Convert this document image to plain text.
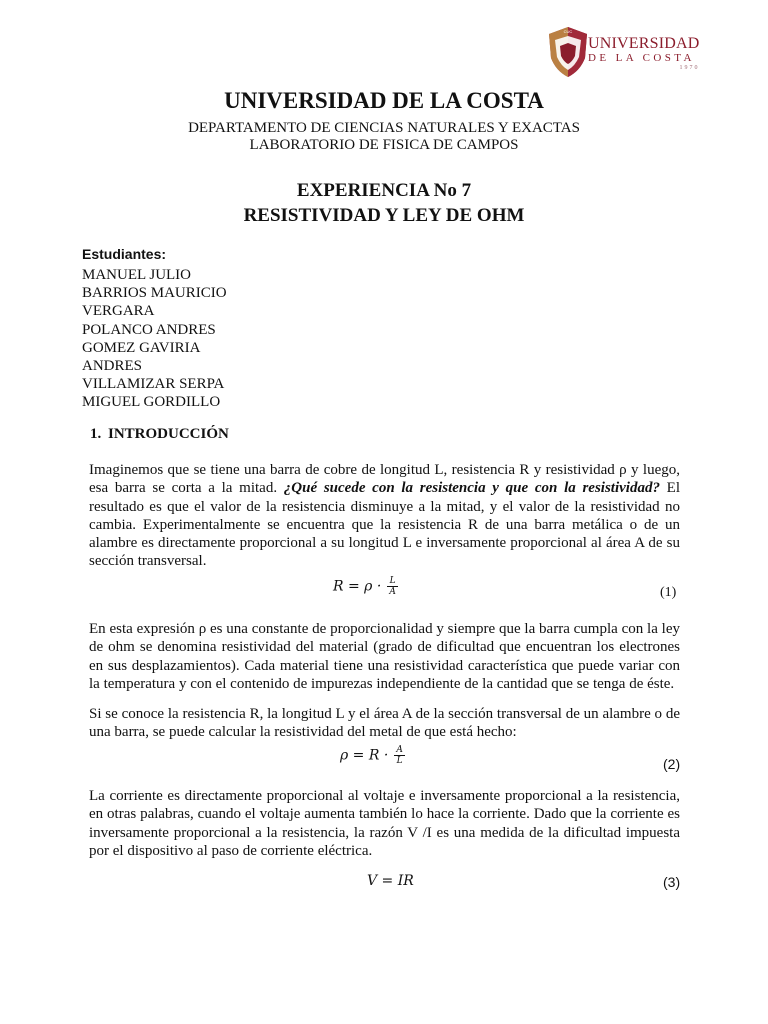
CUC
UNIVERSIDAD
DE LA COSTA
1970
UNIVERSIDAD DE LA COSTA
DEPARTAMENTO DE CIENCIAS NATURALES Y EXACTAS
LABORATORIO DE FISICA DE CAMPOS
EXPERIENCIA No 7
RESISTIVIDAD Y LEY DE OHM
Estudiantes:
MANUEL JULIO
BARRIOS MAURICIO
VERGARA
POLANCO ANDRES
GOMEZ GAVIRIA
ANDRES
VILLAMIZAR SERPA
MIGUEL GORDILLO
1. INTRODUCCIÓN

Imaginemos que se tiene una barra de cobre de longitud L, resistencia R y resistividad ρ y luego, esa barra se corta a la mitad. ¿Qué sucede con la resistencia y que con la resistividad? El resultado es que el valor de la resistencia disminuye a la mitad, y el valor de la resistividad no cambia. Experimentalmente se encuentra que la resistencia R de una barra metálica o de un alambre es directamente proporcional a su longitud L e inversamente proporcional al área A de su sección transversal.

$R = \rho \cdot \frac{L}{A}$	(1)

En esta expresión ρ es una constante de proporcionalidad y siempre que la barra cumpla con la ley de ohm se denomina resistividad del material (grado de dificultad que encuentran los electrones en sus desplazamientos). Cada material tiene una resistividad característica que puede variar con la temperatura y con el contenido de impurezas independiente de la cantidad que se tenga de éste.

Si se conoce la resistencia R, la longitud L y el área A de la sección transversal de un alambre o de una barra, se puede calcular la resistividad del metal de que está hecho:

$\rho = R \cdot \frac{A}{L}$	(2)

La corriente es directamente proporcional al voltaje e inversamente proporcional a la resistencia, en otras palabras, cuando el voltaje aumenta también lo hace la corriente. Dado que la corriente es inversamente proporcional a la resistencia, la razón V /I es una medida de la dificultad impuesta por el dispositivo al paso de corriente eléctrica.

V = IR	(3)
